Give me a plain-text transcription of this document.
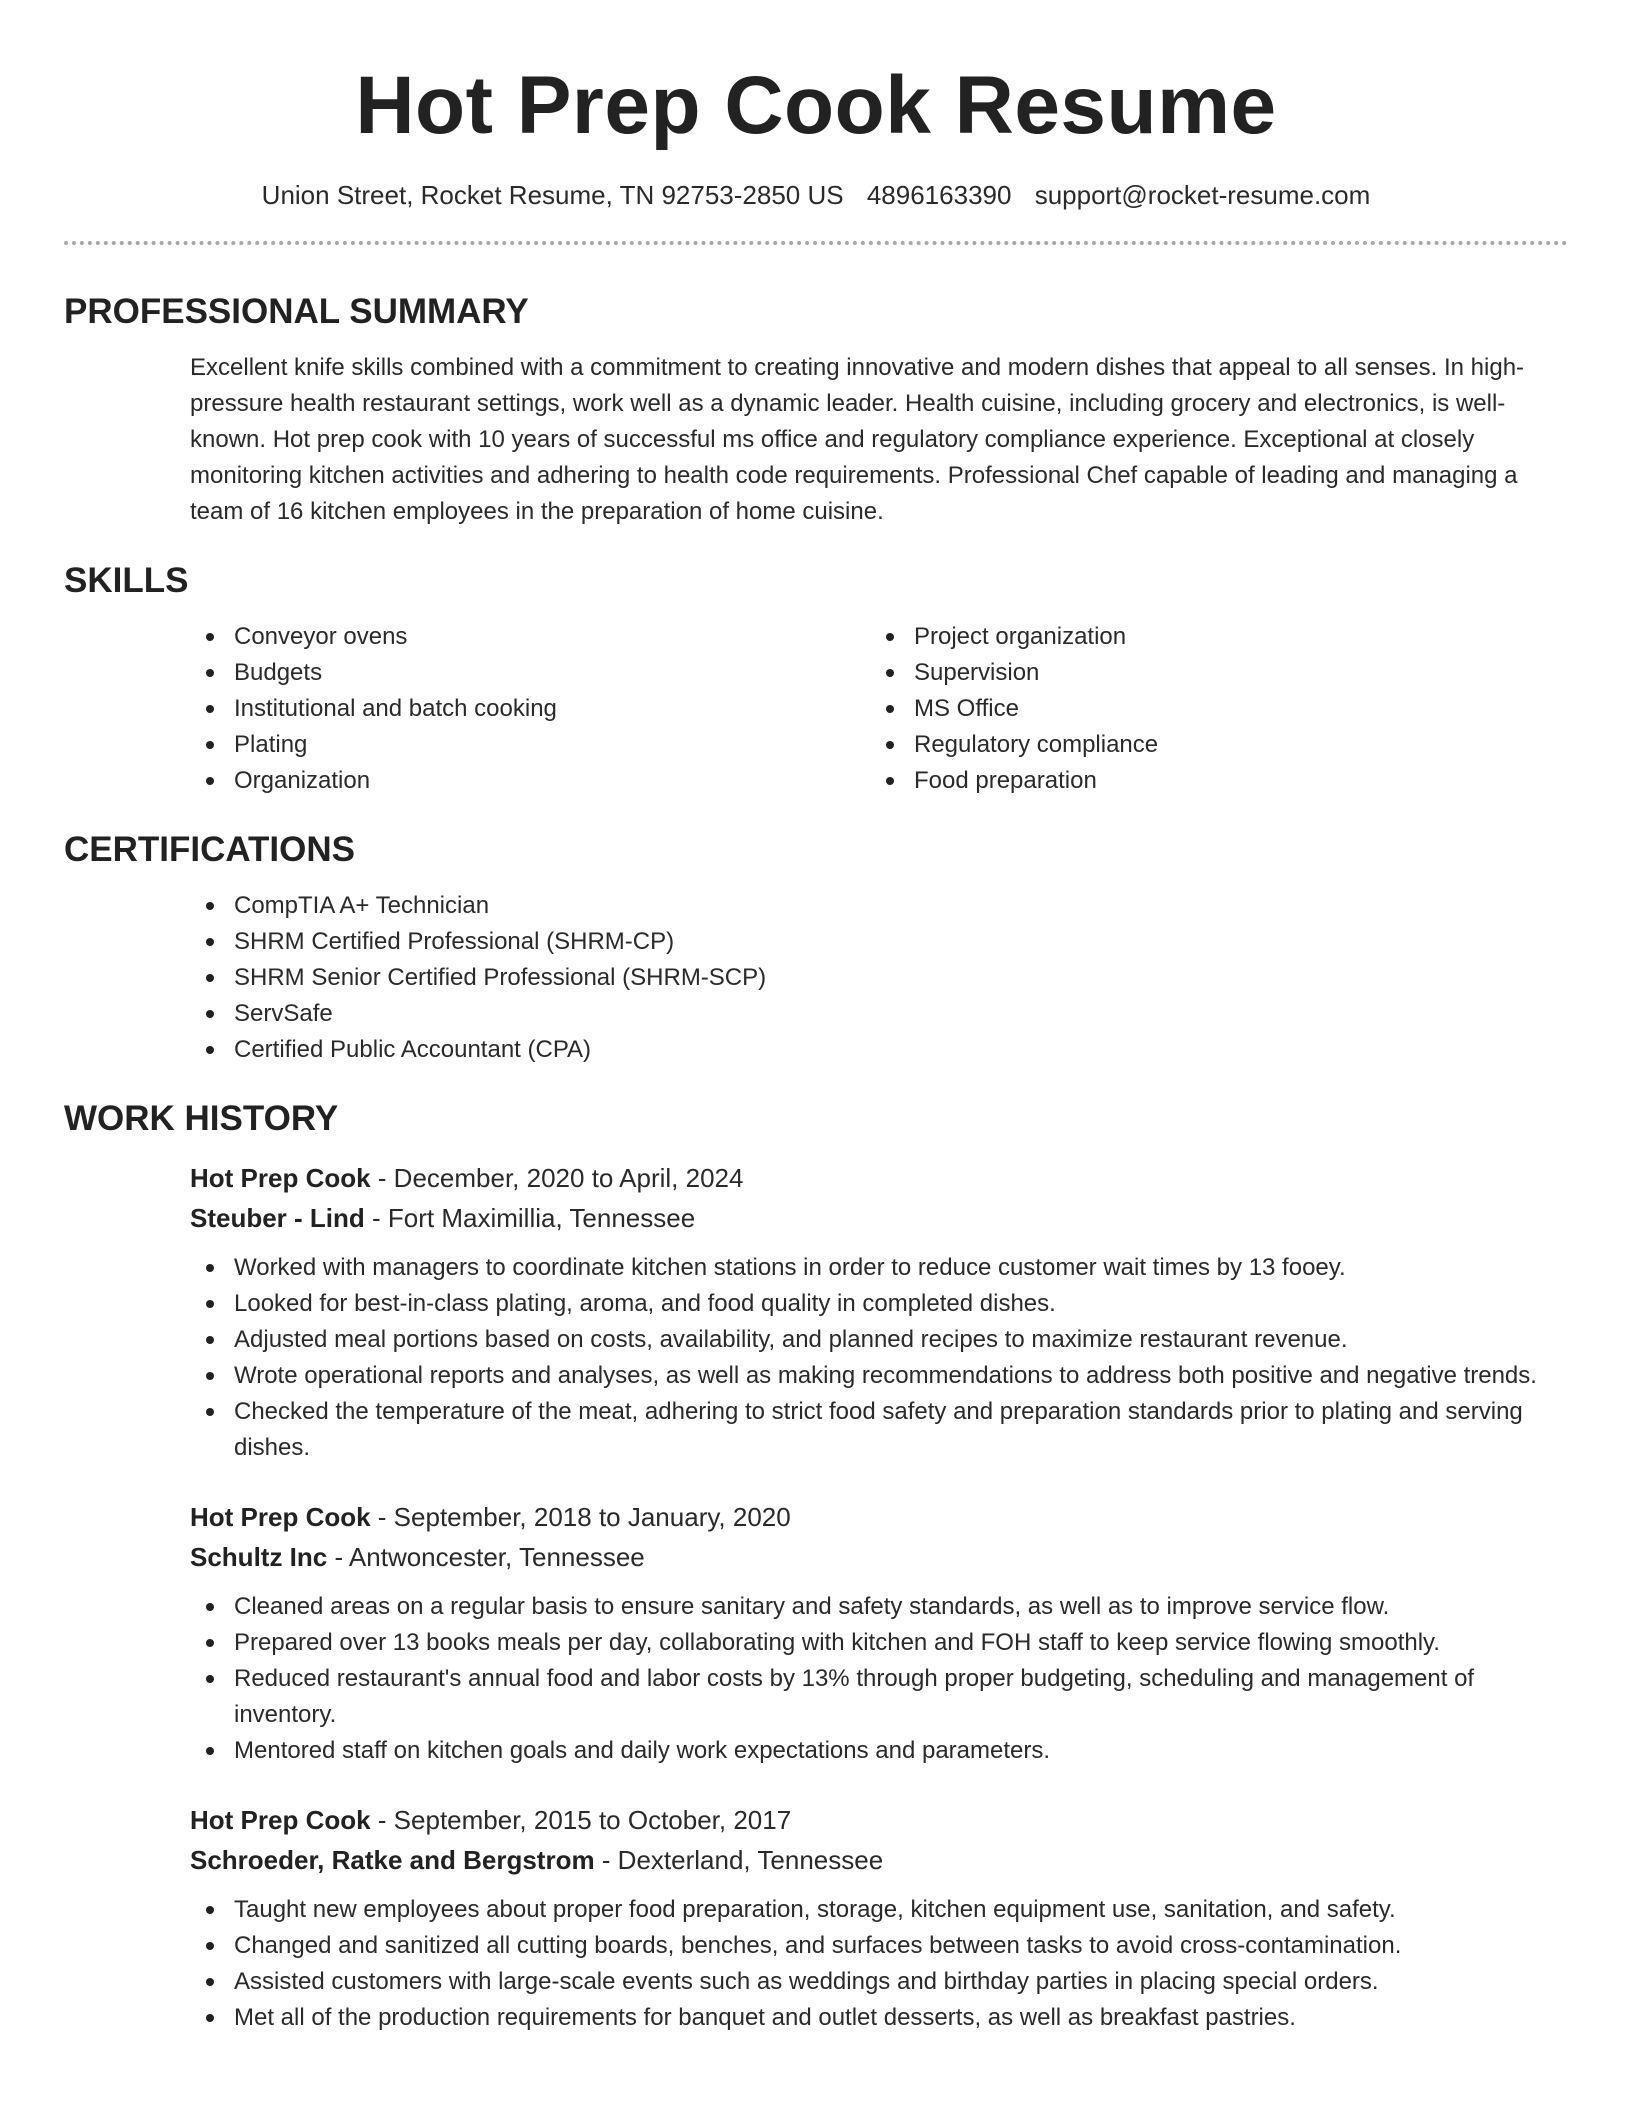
Hot Prep Cook Resume
Union Street, Rocket Resume, TN 92753-2850 US 4896163390 support@rocket-resume.com
PROFESSIONAL SUMMARY

Excellent knife skills combined with a commitment to creating innovative and modern dishes that appeal to all senses. In high-pressure health restaurant settings, work well as a dynamic leader. Health cuisine, including grocery and electronics, is well-known. Hot prep cook with 10 years of successful ms office and regulatory compliance experience. Exceptional at closely monitoring kitchen activities and adhering to health code requirements. Professional Chef capable of leading and managing a team of 16 kitchen employees in the preparation of home cuisine.

SKILLS
Conveyor ovens
Budgets
Institutional and batch cooking
Plating
Organization
Project organization
Supervision
MS Office
Regulatory compliance
Food preparation
CERTIFICATIONS
CompTIA A+ Technician
SHRM Certified Professional (SHRM-CP)
SHRM Senior Certified Professional (SHRM-SCP)
ServSafe
Certified Public Accountant (CPA)
WORK HISTORY
Hot Prep Cook - December, 2020 to April, 2024
Steuber - Lind - Fort Maximillia, Tennessee
Worked with managers to coordinate kitchen stations in order to reduce customer wait times by 13 fooey.
Looked for best-in-class plating, aroma, and food quality in completed dishes.
Adjusted meal portions based on costs, availability, and planned recipes to maximize restaurant revenue.
Wrote operational reports and analyses, as well as making recommendations to address both positive and negative trends.
Checked the temperature of the meat, adhering to strict food safety and preparation standards prior to plating and serving dishes.
Hot Prep Cook - September, 2018 to January, 2020
Schultz Inc - Antwoncester, Tennessee
Cleaned areas on a regular basis to ensure sanitary and safety standards, as well as to improve service flow.
Prepared over 13 books meals per day, collaborating with kitchen and FOH staff to keep service flowing smoothly.
Reduced restaurant's annual food and labor costs by 13% through proper budgeting, scheduling and management of inventory.
Mentored staff on kitchen goals and daily work expectations and parameters.
Hot Prep Cook - September, 2015 to October, 2017
Schroeder, Ratke and Bergstrom - Dexterland, Tennessee
Taught new employees about proper food preparation, storage, kitchen equipment use, sanitation, and safety.
Changed and sanitized all cutting boards, benches, and surfaces between tasks to avoid cross-contamination.
Assisted customers with large-scale events such as weddings and birthday parties in placing special orders.
Met all of the production requirements for banquet and outlet desserts, as well as breakfast pastries.
